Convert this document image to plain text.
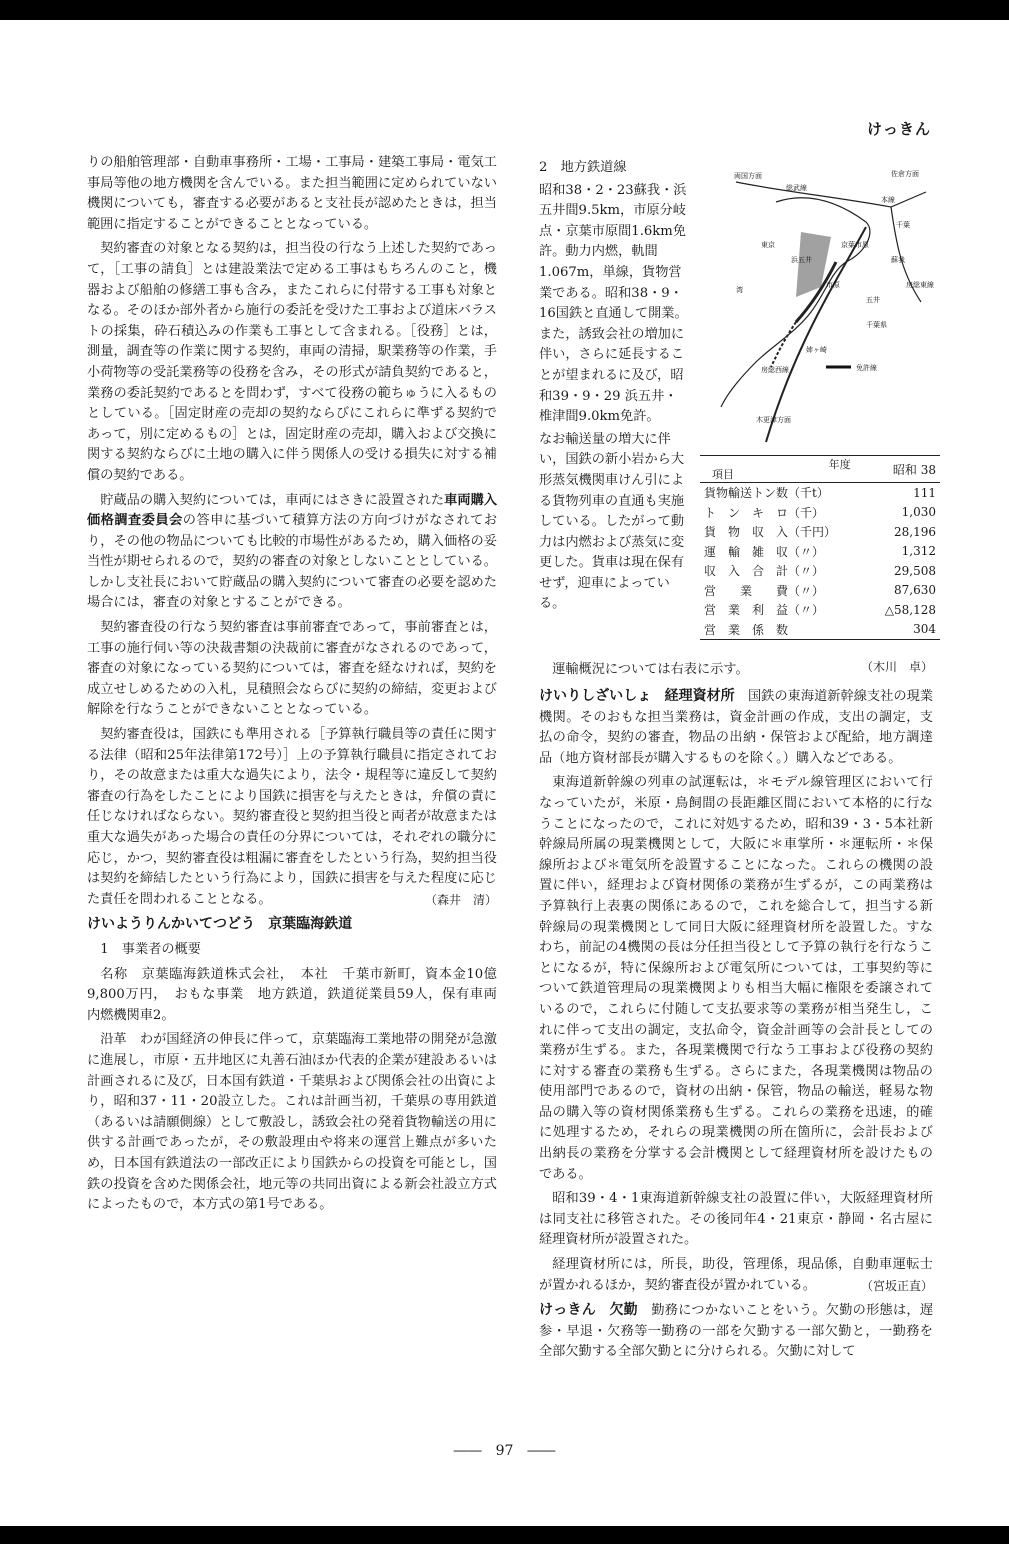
けっきん

りの船舶管理部・自動車事務所・工場・工事局・建築工事局・電気工事局等他の地方機関を含んでいる。また担当範囲に定められていない機関についても，審査する必要があると支社長が認めたときは，担当範囲に指定することができることとなっている。

契約審査の対象となる契約は，担当役の行なう上述した契約であって，［工事の請負］とは建設業法で定める工事はもちろんのこと，機器および船舶の修繕工事も含み，またこれらに付帯する工事も対象となる。そのほか部外者から施行の委託を受けた工事および道床バラストの採集，砕石積込みの作業も工事として含まれる。［役務］とは，測量，調査等の作業に関する契約，車両の清掃，駅業務等の作業，手小荷物等の受託業務等の役務を含み，その形式が請負契約であると，業務の委託契約であるとを問わず，すべて役務の範ちゅうに入るものとしている。［固定財産の売却の契約ならびにこれらに準ずる契約であって，別に定めるもの］とは，固定財産の売却，購入および交換に関する契約ならびに土地の購入に伴う関係人の受ける損失に対する補償の契約である。

貯蔵品の購入契約については，車両にはさきに設置された車両購入価格調査委員会の答申に基づいて積算方法の方向づけがなされており，その他の物品についても比較的市場性があるため，購入価格の妥当性が期せられるので，契約の審査の対象としないこととしている。しかし支社長において貯蔵品の購入契約について審査の必要を認めた場合には，審査の対象とすることができる。

契約審査役の行なう契約審査は事前審査であって，事前審査とは，工事の施行伺い等の決裁書類の決裁前に審査がなされるのであって，審査の対象になっている契約については，審査を経なければ，契約を成立せしめるための入札，見積照会ならびに契約の締結，変更および解除を行なうことができないこととなっている。

契約審査役は，国鉄にも準用される［予算執行職員等の責任に関する法律（昭和25年法律第172号）］上の予算執行職員に指定されており，その故意または重大な過失により，法令・規程等に違反して契約審査の行為をしたことにより国鉄に損害を与えたときは，弁償の責に任じなければならない。契約審査役と契約担当役と両者が故意または重大な過失があった場合の責任の分界については，それぞれの職分に応じ，かつ，契約審査役は粗漏に審査をしたという行為，契約担当役は契約を締結したという行為により，国鉄に損害を与えた程度に応じた責任を問われることとなる。	（森井　清）

けいようりんかいてつどう　 京葉臨海鉄道

1　事業者の概要

名称　京葉臨海鉄道株式会社，　本社　千葉市新町，資本金10億9,800万円，　おもな事業　地方鉄道，鉄道従業員59人，保有車両　内燃機関車2。

沿革　わが国経済の伸長に伴って，京葉臨海工業地帯の開発が急激に進展し，市原・五井地区に丸善石油ほか代表的企業が建設あるいは計画されるに及び，日本国有鉄道・千葉県および関係会社の出資により，昭和37・11・20設立した。これは計画当初，千葉県の専用鉄道（あるいは請願側線）として敷設し，誘致会社の発着貨物輸送の用に供する計画であったが，その敷設理由や将来の運営上難点が多いため，日本国有鉄道法の一部改正により国鉄からの投資を可能とし，国鉄の投資を含めた関係会社，地元等の共同出資による新会社設立方式によったもので，本方式の第1号である。

2　地方鉄道線

昭和38・2・23蘇我・浜五井間9.5km，市原分岐点・京葉市原間1.6km免許。動力内燃，軌間1.067m，単線，貨物営業である。昭和38・9・16国鉄と直通して開業。また，誘致会社の増加に伴い，さらに延長することが望まれるに及び，昭和39・9・29 浜五井・椎津間9.0km免許。

なお輸送量の増大に伴い，国鉄の新小岩から大形蒸気機関車けん引による貨物列車の直通も実施している。したがって動力は内燃および蒸気に変更した。貨車は現在保有せず，迎車によっている。

両国方面	佐倉方面
総武線
本線
千葉
東京
湾
京葉市原
蘇我
房総東線
浜五井
市原
五井
千葉県
姉ヶ崎
房総西線
木更津方面
免許線
項目
年度	昭和 38
貨物輸送トン数（千t）	111
ト　ン　キ　ロ（千）	1,030
貨　物　収　入（千円）	28,196
運　輸　雑　収（〃）	1,312
収　入　合　計（〃）	29,508
営　　業　　費（〃）	87,630
営　業　利　益（〃）	△58,128
営　業　係　数	304
運輸概況については右表に示す。	（木川　卓）

けいりしざいしょ　 経理資材所　 国鉄の東海道新幹線支社の現業機関。そのおもな担当業務は，資金計画の作成，支出の調定，支払の命令，契約の審査，物品の出納・保管および配給，地方調達品（地方資材部長が購入するものを除く。）購入などである。

東海道新幹線の列車の試運転は，＊モデル線管理区において行なっていたが，米原・鳥飼間の長距離区間において本格的に行なうことになったので，これに対処するため，昭和39・3・5本社新幹線局所属の現業機関として，大阪に＊車掌所・＊運転所・＊保線所および＊電気所を設置することになった。これらの機関の設置に伴い，経理および資材関係の業務が生ずるが，この両業務は予算執行上表裏の関係にあるので，これを総合して，担当する新幹線局の現業機関として同日大阪に経理資材所を設置した。すなわち，前記の4機関の長は分任担当役として予算の執行を行なうことになるが，特に保線所および電気所については，工事契約等について鉄道管理局の現業機関よりも相当大幅に権限を委譲されているので，これらに付随して支払要求等の業務が相当発生し，これに伴って支出の調定，支払命令，資金計画等の会計長としての業務が生ずる。また，各現業機関で行なう工事および役務の契約に対する審査の業務も生ずる。さらにまた，各現業機関は物品の使用部門であるので，資材の出納・保管，物品の輸送，軽易な物品の購入等の資材関係業務も生ずる。これらの業務を迅速，的確に処理するため，それらの現業機関の所在箇所に，会計長および出納長の業務を分掌する会計機関として経理資材所を設けたものである。

昭和39・4・1東海道新幹線支社の設置に伴い，大阪経理資材所は同支社に移管された。その後同年4・21東京・静岡・名古屋に経理資材所が設置された。

経理資材所には，所長，助役，管理係，現品係，自動車運転士が置かれるほか，契約審査役が置かれている。	（宮坂正直）

けっきん　 欠勤　 勤務につかないことをいう。欠勤の形態は，遅参・早退・欠務等一勤務の一部を欠勤する一部欠勤と，一勤務を全部欠勤する全部欠勤とに分けられる。欠勤に対して

――　97　――
